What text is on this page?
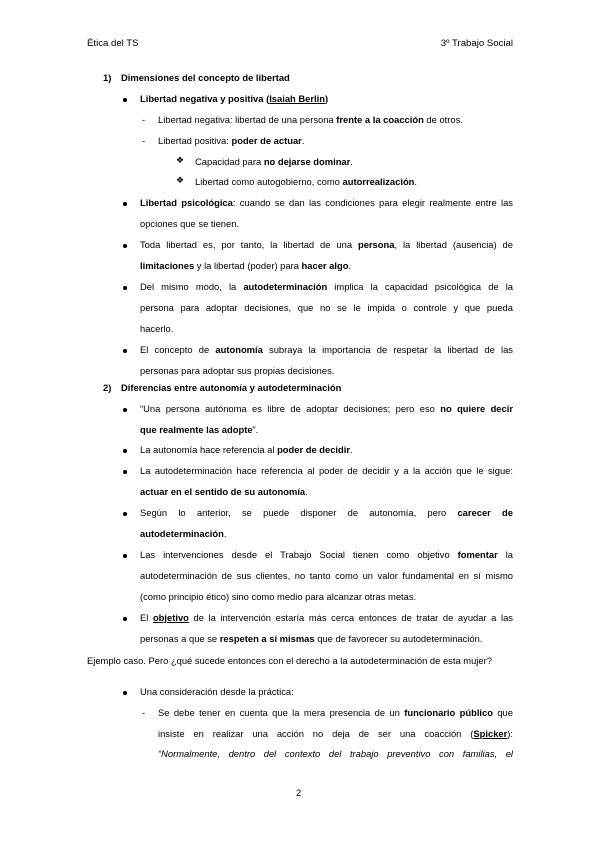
Ética del TS	3º Trabajo Social
1) Dimensiones del concepto de libertad
Libertad negativa y positiva (Isaiah Berlin)
- Libertad negativa: libertad de una persona frente a la coacción de otros.
- Libertad positiva: poder de actuar.
❖ Capacidad para no dejarse dominar.
❖ Libertad como autogobierno, como autorrealización.
Libertad psicológica: cuando se dan las condiciones para elegir realmente entre las
opciones que se tienen.
Toda libertad es, por tanto, la libertad de una persona, la libertad (ausencia) de
limitaciones y la libertad (poder) para hacer algo.
Del mismo modo, la autodeterminación implica la capacidad psicológica de la
persona para adoptar decisiones, que no se le impida o controle y que pueda
hacerlo.
El concepto de autonomía subraya la importancia de respetar la libertad de las
personas para adoptar sus propias decisiones.
2) Diferencias entre autonomía y autodeterminación
“Una persona autónoma es libre de adoptar decisiones; pero eso no quiere decir
que realmente las adopte”.
La autonomía hace referencia al poder de decidir.
La autodeterminación hace referencia al poder de decidir y a la acción que le sigue:
actuar en el sentido de su autonomía.
Según lo anterior, se puede disponer de autonomía, pero carecer de
autodeterminación.
Las intervenciones desde el Trabajo Social tienen como objetivo fomentar la
autodeterminación de sus clientes, no tanto como un valor fundamental en sí mismo
(como principio ético) sino como medio para alcanzar otras metas.
El objetivo de la intervención estaría más cerca entonces de tratar de ayudar a las
personas a que se respeten a sí mismas que de favorecer su autodeterminación.
Ejemplo caso. Pero ¿qué sucede entonces con el derecho a la autodeterminación de esta mujer?
Una consideración desde la práctica:
- Se debe tener en cuenta que la mera presencia de un funcionario público que
insiste en realizar una acción no deja de ser una coacción (Spicker):
“Normalmente, dentro del contexto del trabajo preventivo con familias, el
2
